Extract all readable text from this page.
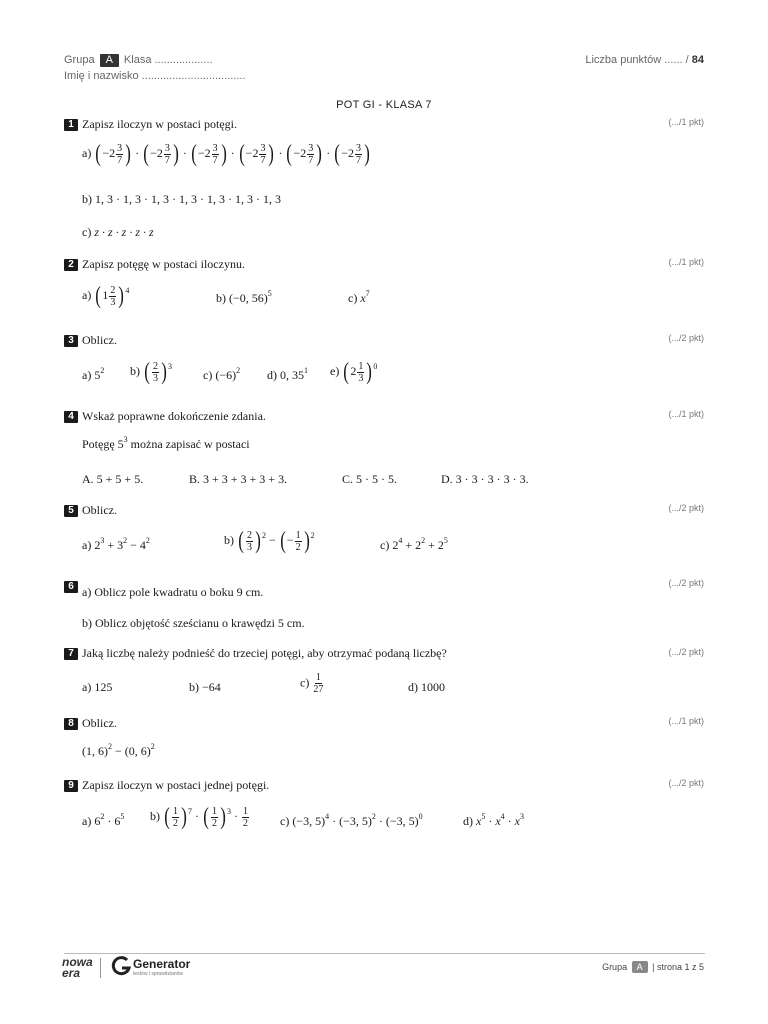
Grupa A Klasa ...................
Imię i nazwisko ..................................
Liczba punktów ...... / 84
POT GI - KLASA 7
1 Zapisz iloczyn w postaci potęgi.	(.../1 pkt)
a) ($-2 \frac{3}{7}$ ) · ($-2 \frac{3}{7}$ ) · ($-2 \frac{3}{7}$ ) · ($-2 \frac{3}{7}$ ) · ($-2 \frac{3}{7}$ ) · ($-2 \frac{3}{7}$ )
b) 1, 3 · 1, 3 · 1, 3 · 1, 3 · 1, 3 · 1, 3 · 1, 3
c) z · z · z · z · z
2 Zapisz potęgę w postaci iloczynu.	(.../1 pkt)
a) $(1 \frac{2}{3} )^4$
b) (−0, 56)$^5$	c) $x^7$
3 Oblicz.	(.../2 pkt)
a) $5^2$ b) ( $\frac{2}{3} )^3$
c) $(-6)^2$ d) 0, $35^1$ e) $(2 \frac{1}{3} )^0$
4 Wskaż poprawne dokończenie zdania.	(.../1 pkt)
Potęgę $5^3$ można zapisać w postaci
A. 5 + 5 + 5.	B. 3 + 3 + 3 + 3 + 3.	C. 5 · 5 · 5.	D. 3 · 3 · 3 · 3 · 3.
5 Oblicz.	(.../2 pkt)
a) $2^3 + 3^2 - 4^2$	b) ( $\frac{2}{3} )^2$ − (− $\frac{1}{2} )^2$
c) $2^4 + 2^2 + 2^5$
6 a) Oblicz pole kwadratu o boku 9 cm.
(.../2 pkt)
b) Oblicz objętość sześcianu o krawędzi 5 cm.
7 Jaką liczbę należy podnieść do trzeciej potęgi, aby otrzymać podaną liczbę?	(.../2 pkt)
a) 125	b) −64	$c) \frac{1}{27}$	d) 1000
8 Oblicz.	(.../1 pkt)
(1, 6)$^2$ − (0, 6)$^2$
9 Zapisz iloczyn w postaci jednej potęgi.	(.../2 pkt)
a) $6^2 \cdot 6^5$ b) ( $\frac{1}{2} )^7$ · ( $\frac{1}{2} )^3 \cdot \frac{1}{2}$	c) (−3, 5)$^4$ · (−3, 5)$^2$ · (−3, 5)$^0$	d) $x^5 \cdot x^4 \cdot x^3$
nowa
era
Generator
testów i sprawdzianów
Grupa A | strona 1 z 5
